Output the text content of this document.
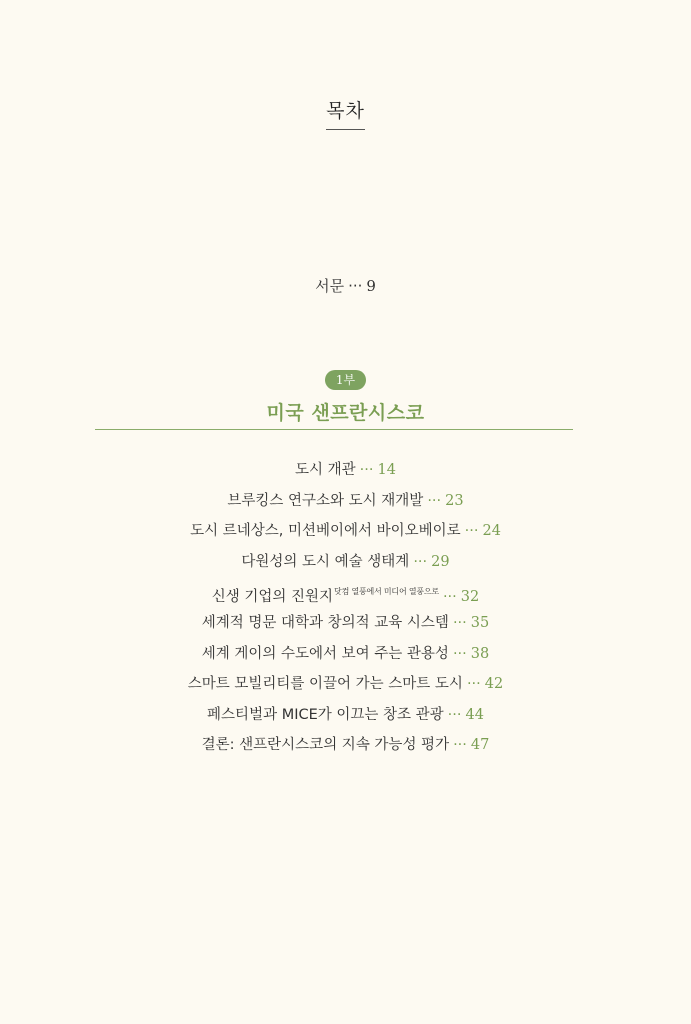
목차
서문 ··· 9
1부
미국 샌프란시스코
도시 개관 ··· 14
브루킹스 연구소와 도시 재개발 ··· 23
도시 르네상스, 미션베이에서 바이오베이로 ··· 24
다원성의 도시 예술 생태계 ··· 29
신생 기업의 진원지$^{닷컴 열풍에서 미디어 열풍으로}$ ··· 32
세계적 명문 대학과 창의적 교육 시스템 ··· 35
세계 게이의 수도에서 보여 주는 관용성 ··· 38
스마트 모빌리티를 이끌어 가는 스마트 도시 ··· 42
페스티벌과 MICE가 이끄는 창조 관광 ··· 44
결론: 샌프란시스코의 지속 가능성 평가 ··· 47
